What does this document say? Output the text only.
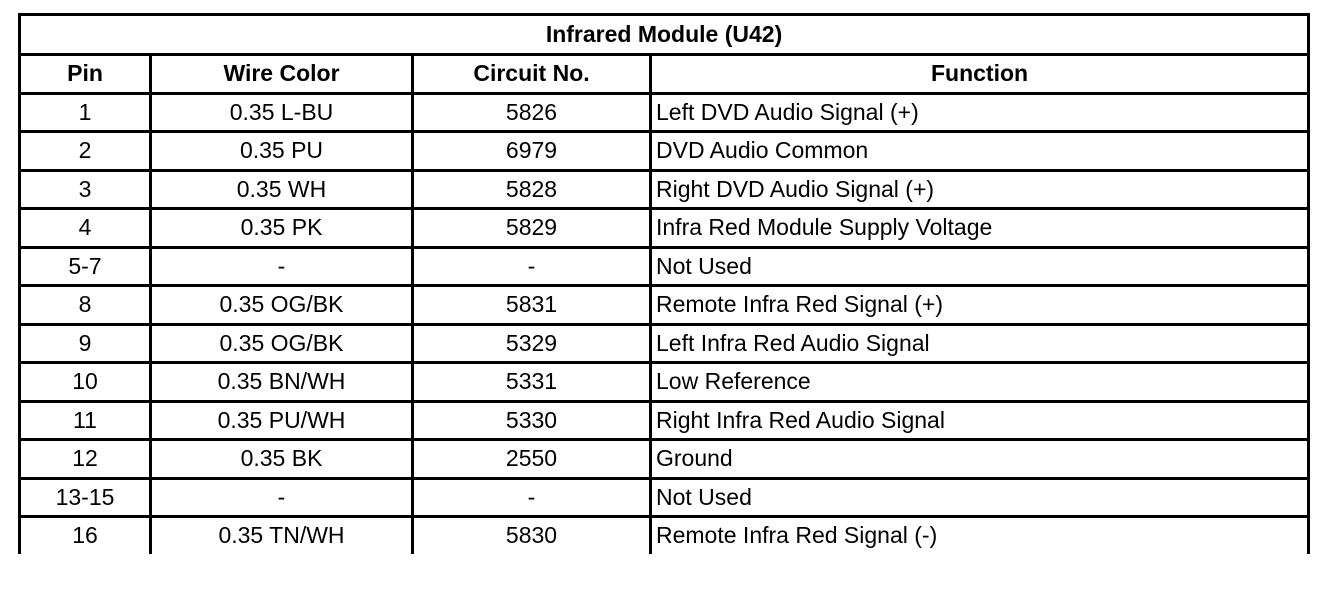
Infrared Module (U42)			
Pin	Wire Color	Circuit No.	Function
1	0.35 L-BU	5826	Left DVD Audio Signal (+)
2	0.35 PU	6979	DVD Audio Common
3	0.35 WH	5828	Right DVD Audio Signal (+)
4	0.35 PK	5829	Infra Red Module Supply Voltage
5-7	-	-	Not Used
8	0.35 OG/BK	5831	Remote Infra Red Signal (+)
9	0.35 OG/BK	5329	Left Infra Red Audio Signal
10	0.35 BN/WH	5331	Low Reference
11	0.35 PU/WH	5330	Right Infra Red Audio Signal
12	0.35 BK	2550	Ground
13-15	-	-	Not Used
16	0.35 TN/WH	5830	Remote Infra Red Signal (-)
